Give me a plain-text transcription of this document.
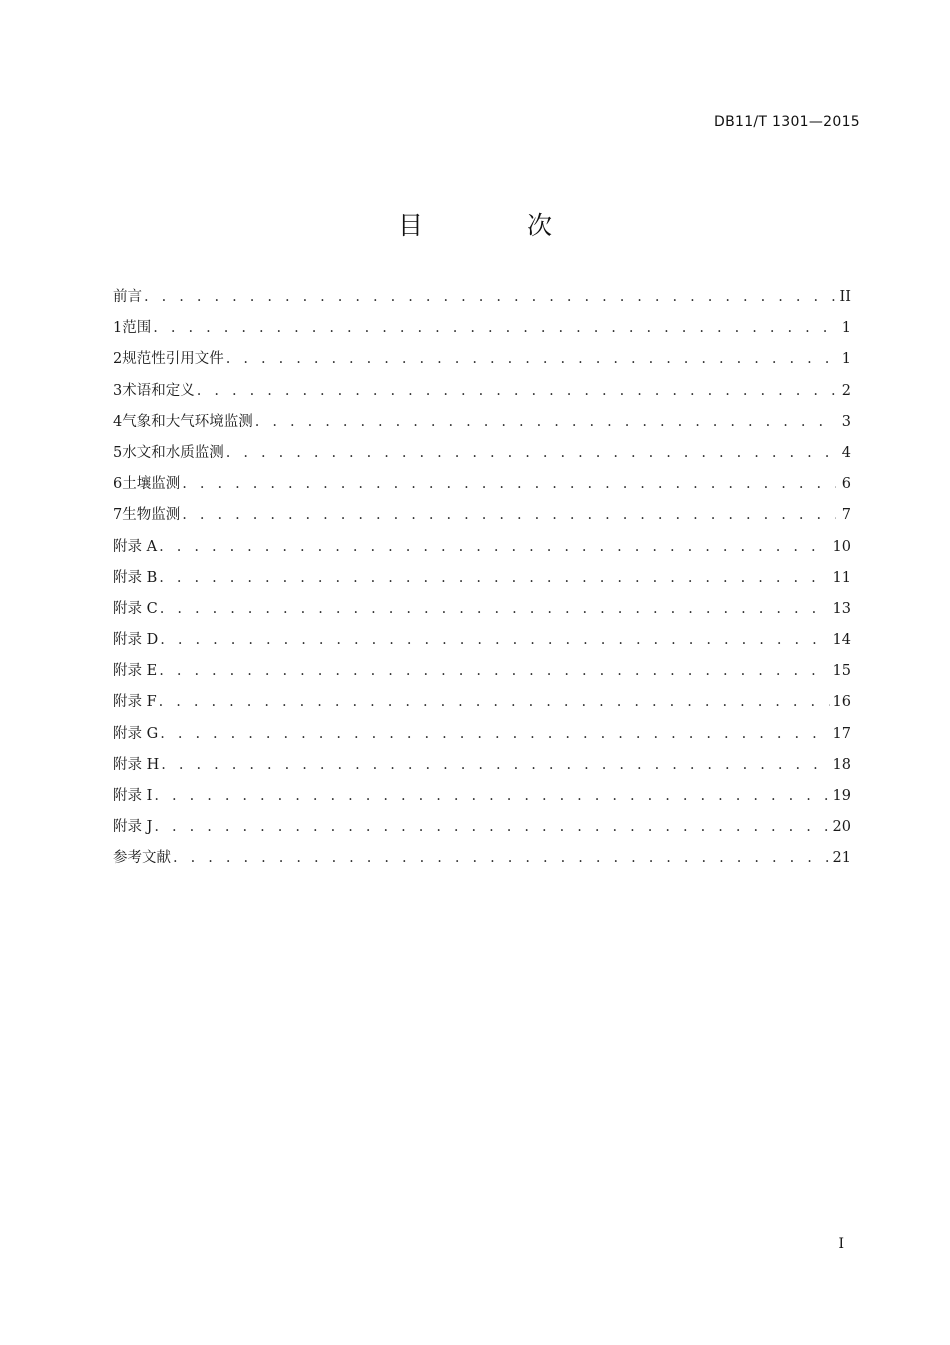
DB11/T 1301—2015
目 次
前言 . . .	II
1 范围 . . .	1
2 规范性引用文件 . . .	1
3 术语和定义 . . .	2
4 气象和大气环境监测 . . .	3
5 水文和水质监测 . . .	4
6 土壤监测 . . .	6
7 生物监测 . . .	7
附录 A . . .	10
附录 B . . .	11
附录 C . . .	13
附录 D . . .	14
附录 E . . .	15
附录 F . . .	16
附录 G . . .	17
附录 H . . .	18
附录 I . . .	19
附录 J . . .	20
参考文献 . . .	21
I
